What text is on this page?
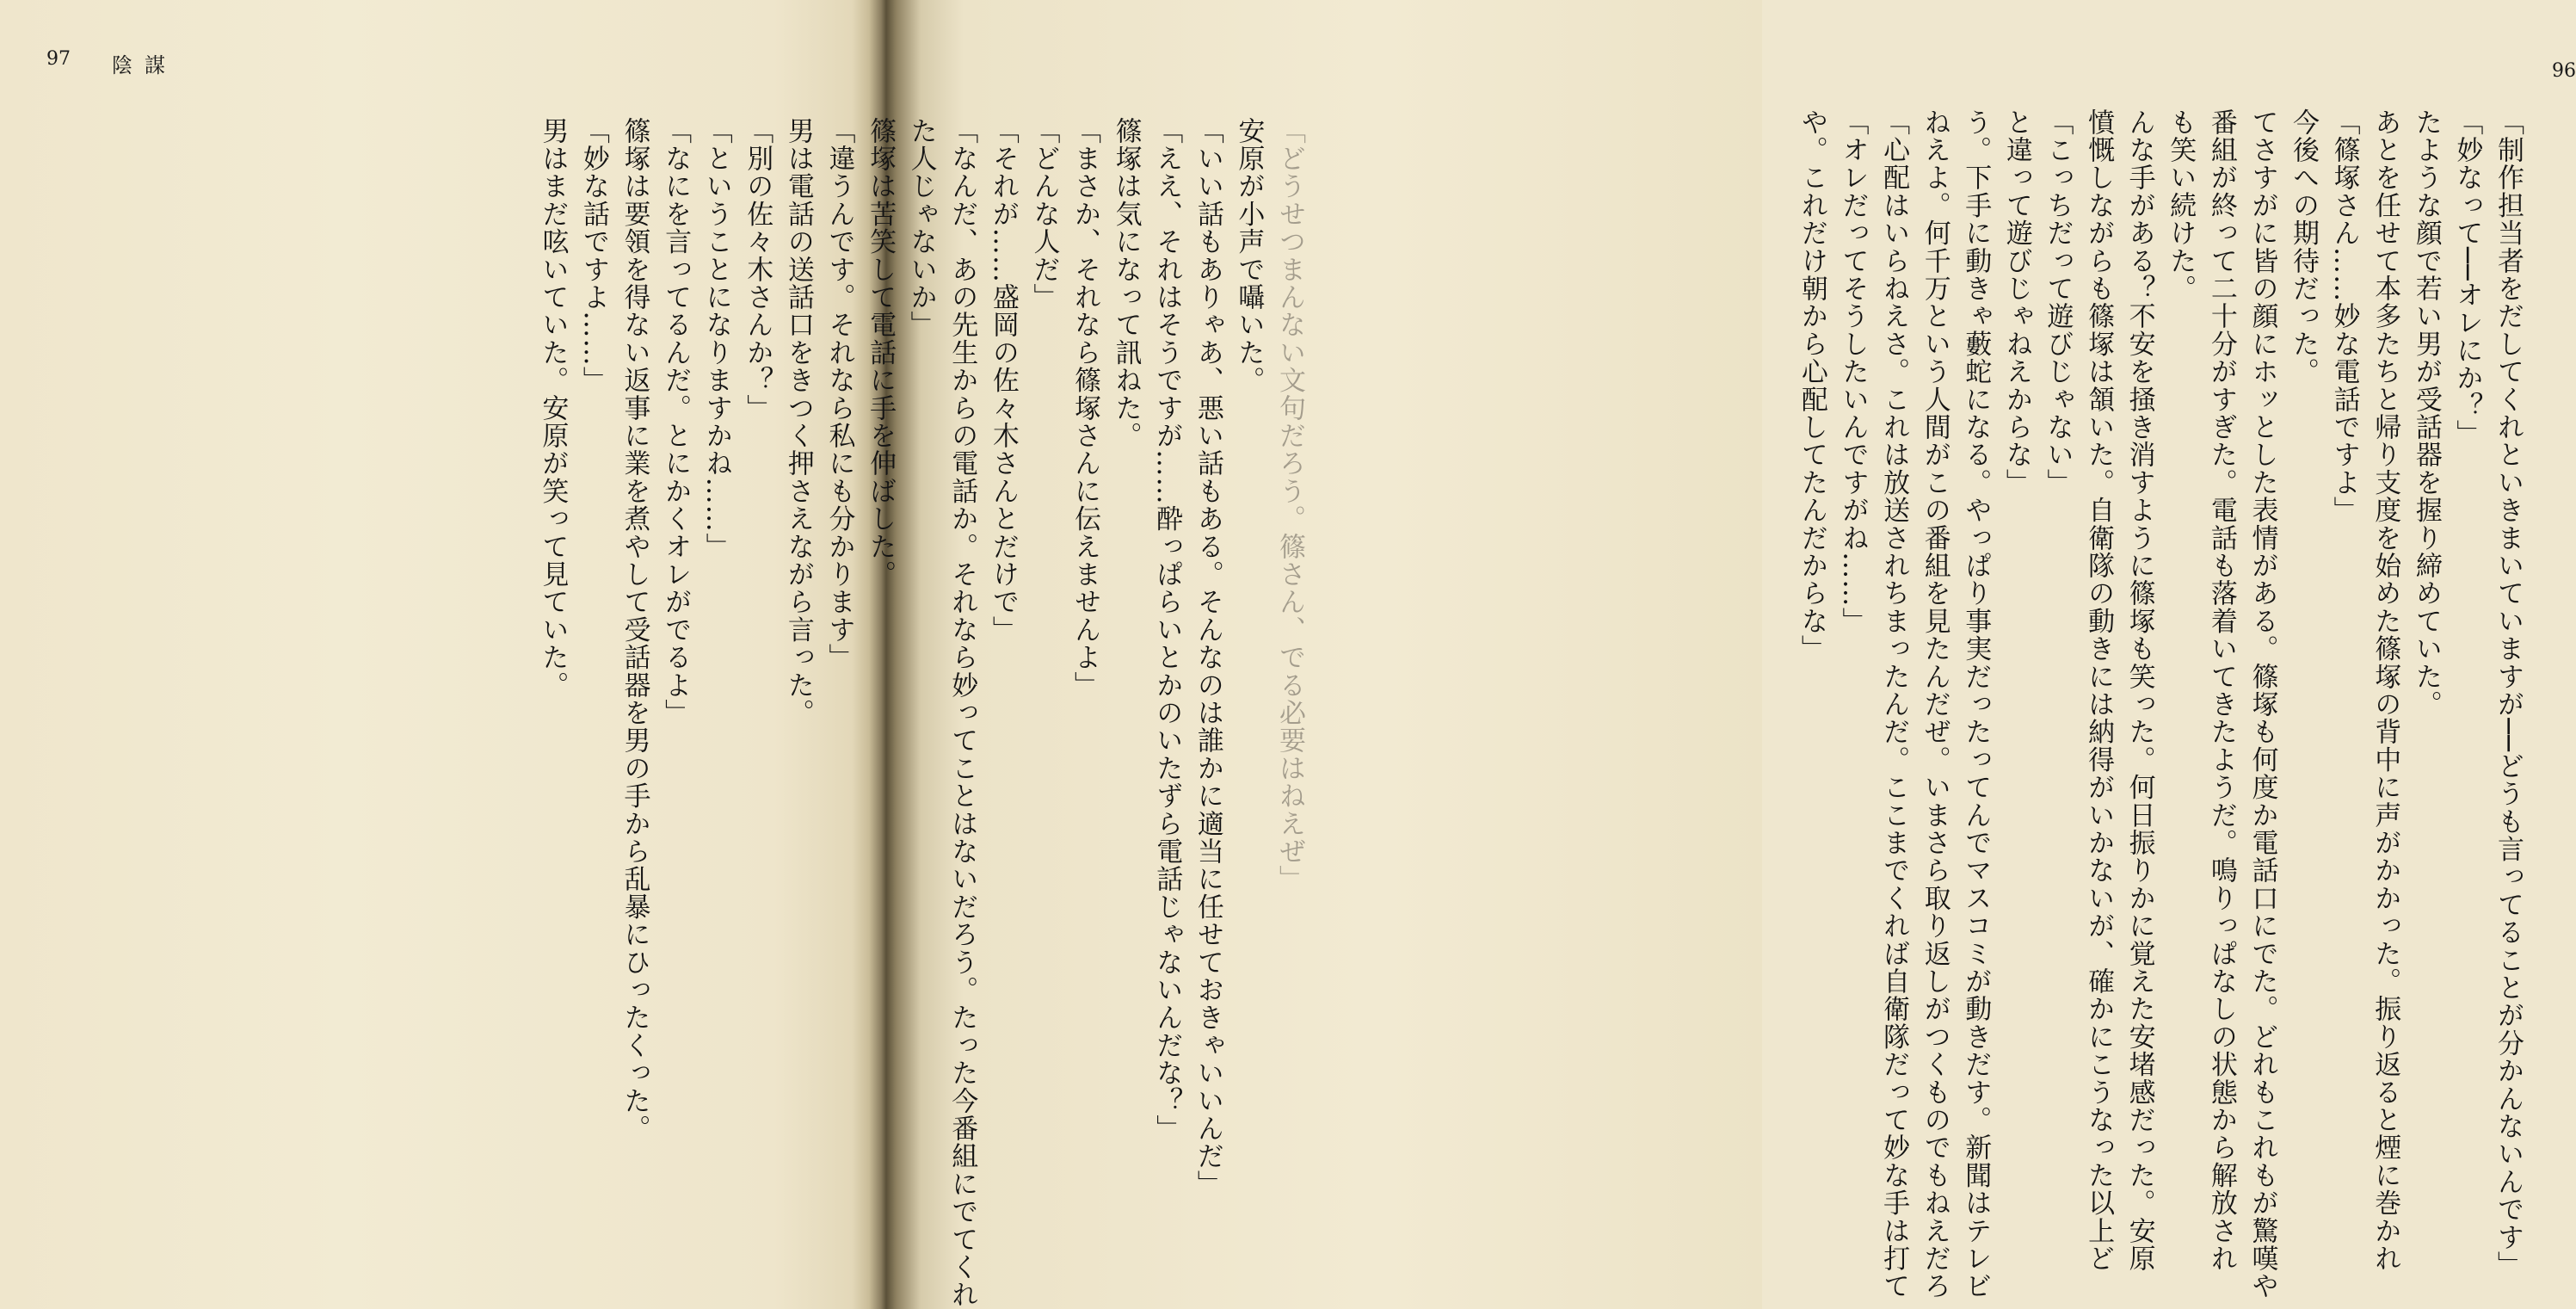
97 陰謀
「どうせつまんない文句だろう。篠さん、でる必要はねえぜ」
安原が小声で囁いた。
「いい話もありゃあ、悪い話もある。そんなのは誰かに適当に任せておきゃいいんだ」
「ええ、それはそうですが……酔っぱらいとかのいたずら電話じゃないんだな？」
篠塚は気になって訊ねた。
「まさか、それなら篠塚さんに伝えませんよ」
「どんな人だ」
「それが……盛岡の佐々木さんとだけで」
「なんだ、あの先生からの電話か。それなら妙ってことはないだろう。たった今番組にでてくれ
た人じゃないか」
篠塚は苦笑して電話に手を伸ばした。
「違うんです。それなら私にも分かります」
男は電話の送話口をきつく押さえながら言った。
「別の佐々木さんか？」
「ということになりますかね……」
「なにを言ってるんだ。とにかくオレがでるよ」
篠塚は要領を得ない返事に業を煮やして受話器を男の手から乱暴にひったくった。
「妙な話ですよ……」
男はまだ呟いていた。安原が笑って見ていた。
96
「制作担当者をだしてくれといきまいていますが──どうも言ってることが分かんないんです」
「妙なって──オレにか？」
たような顔で若い男が受話器を握り締めていた。
あとを任せて本多たちと帰り支度を始めた篠塚の背中に声がかかった。振り返ると煙に巻かれ
「篠塚さん……妙な電話ですよ」
今後への期待だった。
てさすがに皆の顔にホッとした表情がある。篠塚も何度か電話口にでた。どれもこれもが驚嘆や
番組が終って二十分がすぎた。電話も落着いてきたようだ。鳴りっぱなしの状態から解放され
も笑い続けた。
んな手がある？不安を掻き消すように篠塚も笑った。何日振りかに覚えた安堵感だった。安原
憤慨しながらも篠塚は頷いた。自衛隊の動きには納得がいかないが、確かにこうなった以上ど
「こっちだって遊びじゃない」
と違って遊びじゃねえからな」
う。下手に動きゃ藪蛇になる。やっぱり事実だったってんでマスコミが動きだす。新聞はテレビ
ねえよ。何千万という人間がこの番組を見たんだぜ。いまさら取り返しがつくものでもねえだろ
「心配はいらねえさ。これは放送されちまったんだ。ここまでくれば自衛隊だって妙な手は打て
「オレだってそうしたいんですがね……」
や。これだけ朝から心配してたんだからな」
